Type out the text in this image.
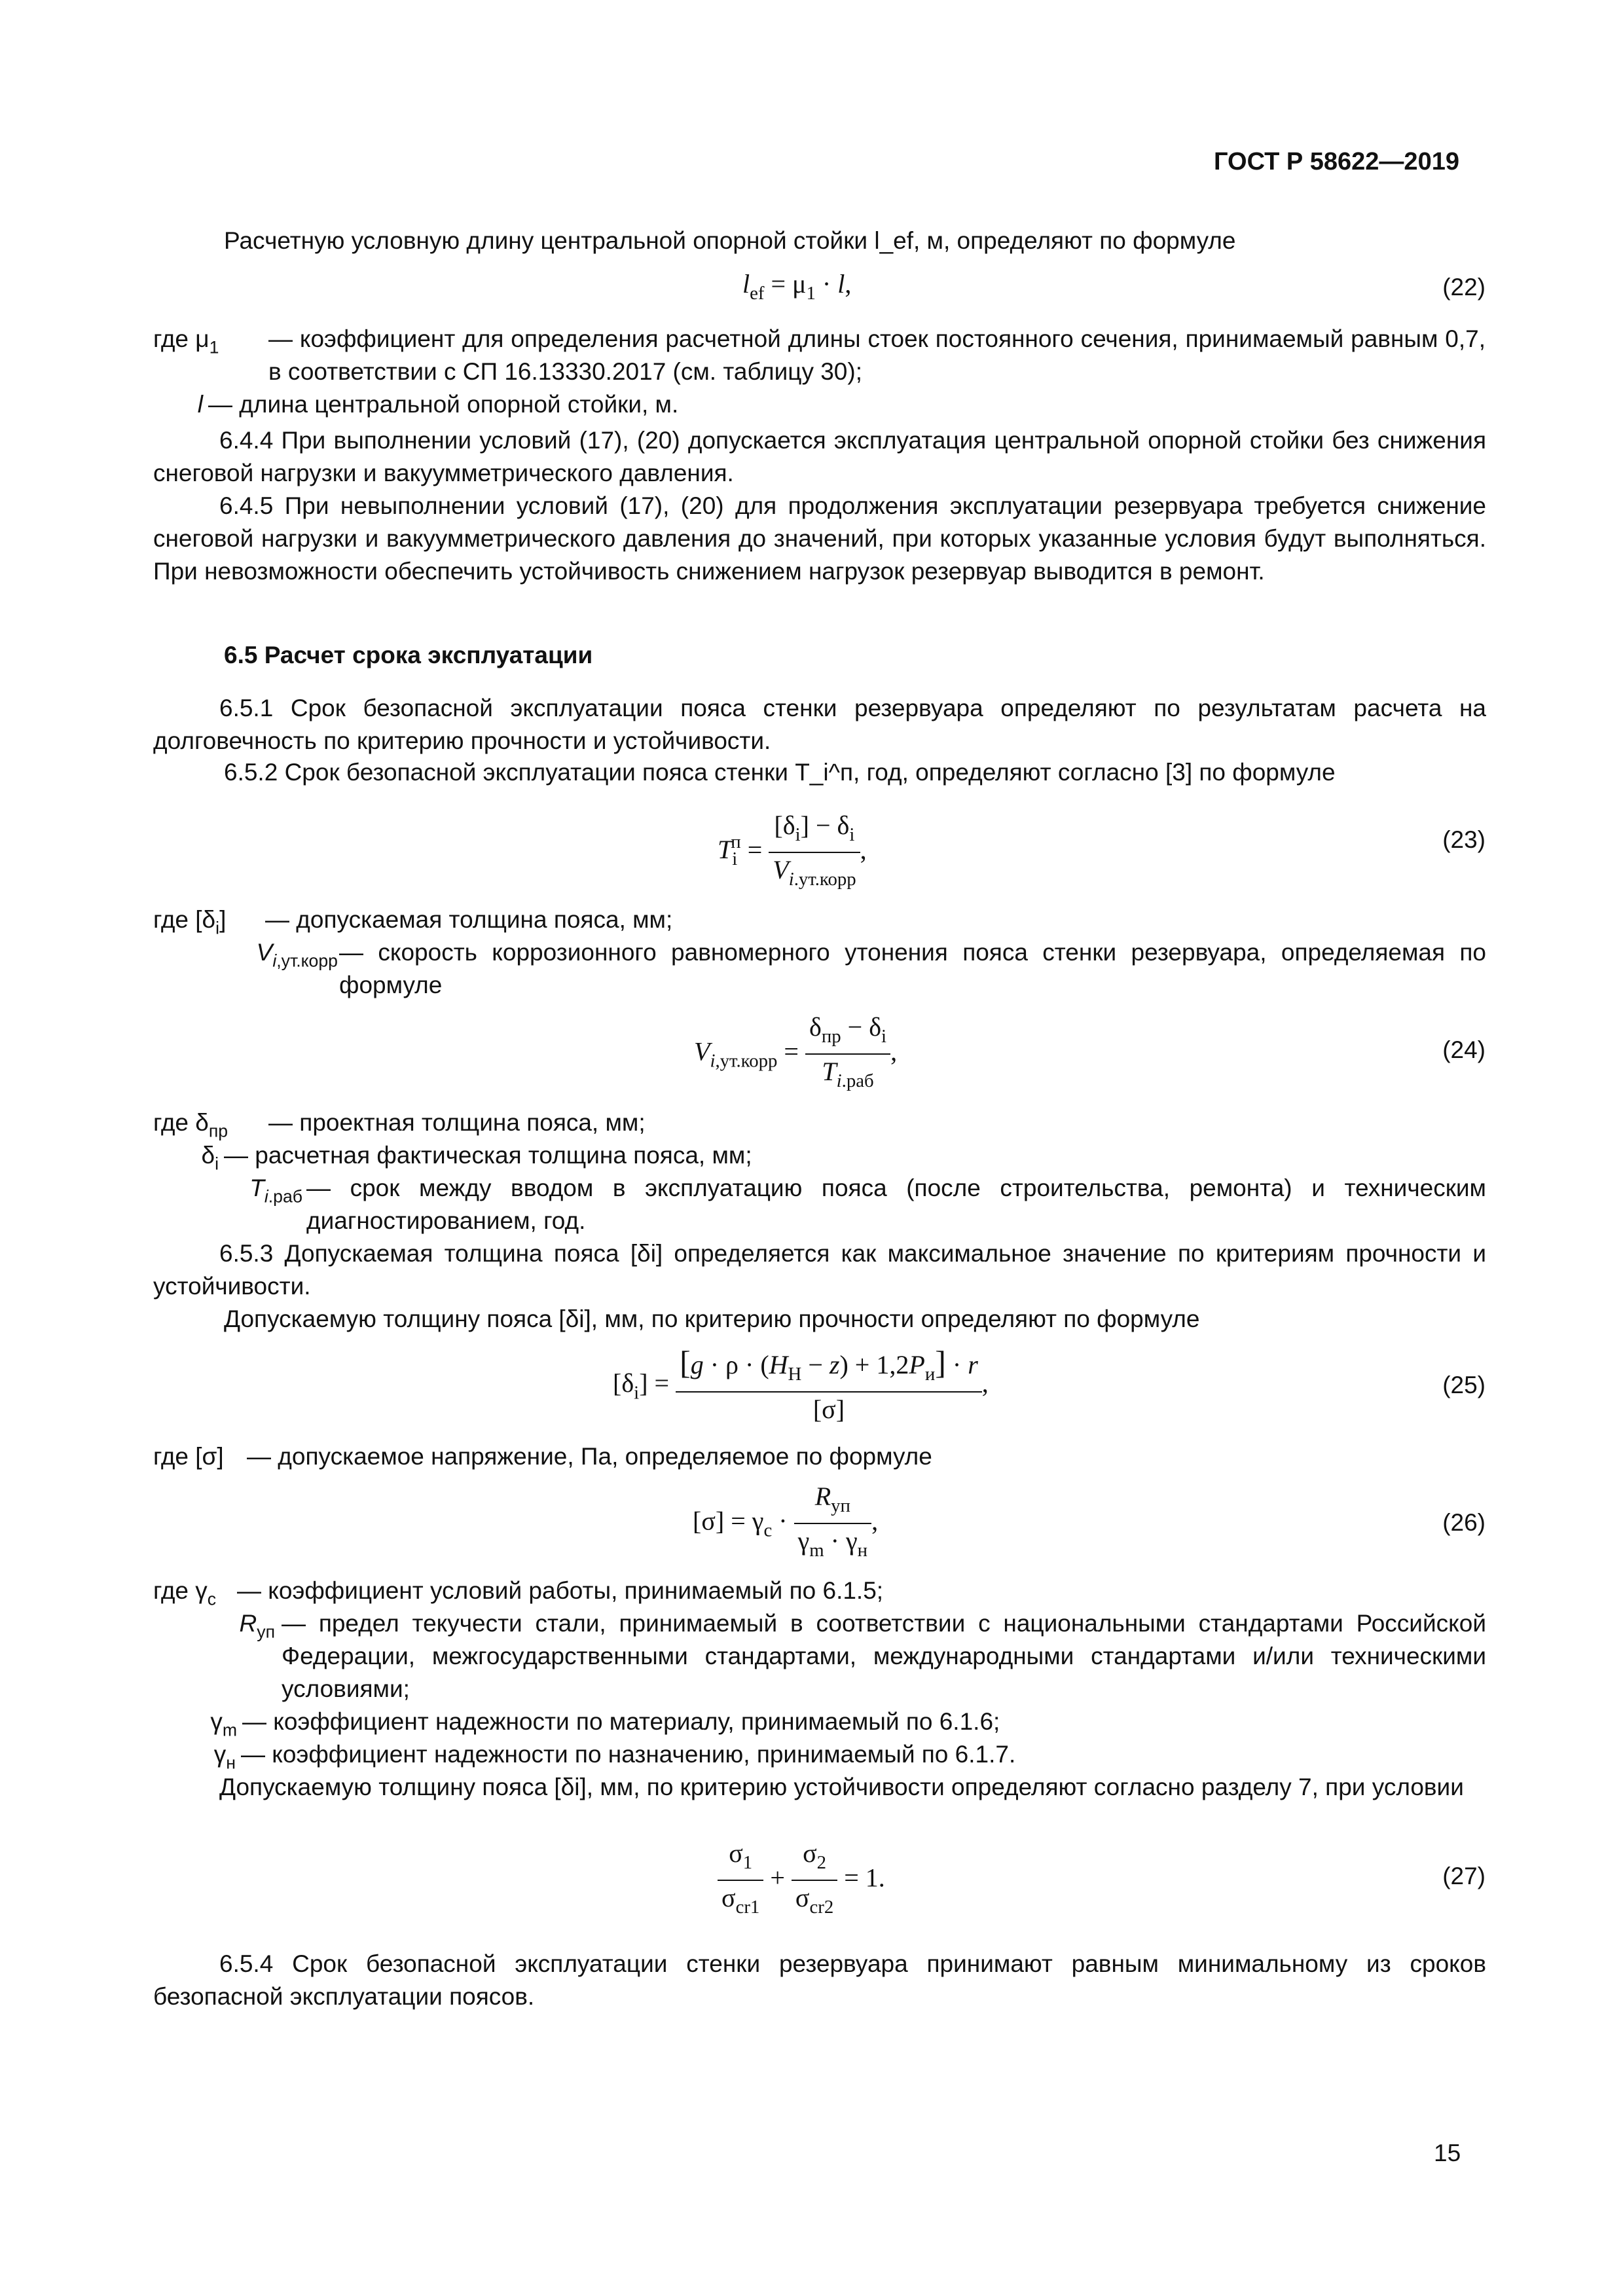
ГОСТ Р 58622—2019

Расчетную условную длину центральной опорной стойки l_ef, м, определяют по формуле

$l_{ef} = \mu_1 \cdot l$,	(22)
где $\mu_1$	— коэффициент для определения расчетной длины стоек постоянного сечения, принимаемый равным 0,7, в соответствии с СП 16.13330.2017 (см. таблицу 30);
l — длина центральной опорной стойки, м.

6.4.4 При выполнении условий (17), (20) допускается эксплуатация центральной опорной стойки без снижения снеговой нагрузки и вакуумметрического давления.

6.4.5 При невыполнении условий (17), (20) для продолжения эксплуатации резервуара требуется снижение снеговой нагрузки и вакуумметрического давления до значений, при которых указанные условия будут выполняться. При невозможности обеспечить устойчивость снижением нагрузок резервуар выводится в ремонт.

6.5 Расчет срока эксплуатации

6.5.1 Срок безопасной эксплуатации пояса стенки резервуара определяют по результатам расчета на долговечность по критерию прочности и устойчивости.

6.5.2 Срок безопасной эксплуатации пояса стенки T_i^п, год, определяют согласно [3] по формуле

$T_i^п = \frac{[\delta_i] - \delta_i}{V_{i.ут.корр}}$ ,	(23)
где $[\delta_i]$	— допускаемая толщина пояса, мм;
$V_{i,ут.корр}$ — скорость коррозионного равномерного утонения пояса стенки резервуара, определяемая по формуле
$V_{i,ут.корр} = \frac{\delta_{пр} - \delta_i}{T_{i.раб}}$ ,	(24)
где $\delta_{пр}$	— проектная толщина пояса, мм;
$\delta_i$ — расчетная фактическая толщина пояса, мм;
$T_{i.раб}$ — срок между вводом в эксплуатацию пояса (после строительства, ремонта) и техническим диагностированием, год.

6.5.3 Допускаемая толщина пояса [δi] определяется как максимальное значение по критериям прочности и устойчивости.

Допускаемую толщину пояса [δi], мм, по критерию прочности определяют по формуле

$[\delta_i] = \frac{[g \cdot \rho \cdot (H_Н - z) + 1,2P_и] \cdot r}{[\sigma]}$ ,	(25)
где [σ] — допускаемое напряжение, Па, определяемое по формуле
$[\sigma] = \gamma_c \cdot \frac{R_{уп}}{\gamma_m \cdot \gamma_н}$ ,	(26)
где $\gamma_c$ — коэффициент условий работы, принимаемый по 6.1.5;
$R_{уп}$ — предел текучести стали, принимаемый в соответствии с национальными стандартами Российской Федерации, межгосударственными стандартами, международными стандартами и/или техническими условиями;
$\gamma_m$ — коэффициент надежности по материалу, принимаемый по 6.1.6;
$\gamma_н$ — коэффициент надежности по назначению, принимаемый по 6.1.7.

Допускаемую толщину пояса [δi], мм, по критерию устойчивости определяют согласно разделу 7, при условии

$\frac{\sigma_1}{\sigma_{cr1}} + \frac{\sigma_2}{\sigma_{cr2}} = 1$.	(27)

6.5.4 Срок безопасной эксплуатации стенки резервуара принимают равным минимальному из сроков безопасной эксплуатации поясов.

15
